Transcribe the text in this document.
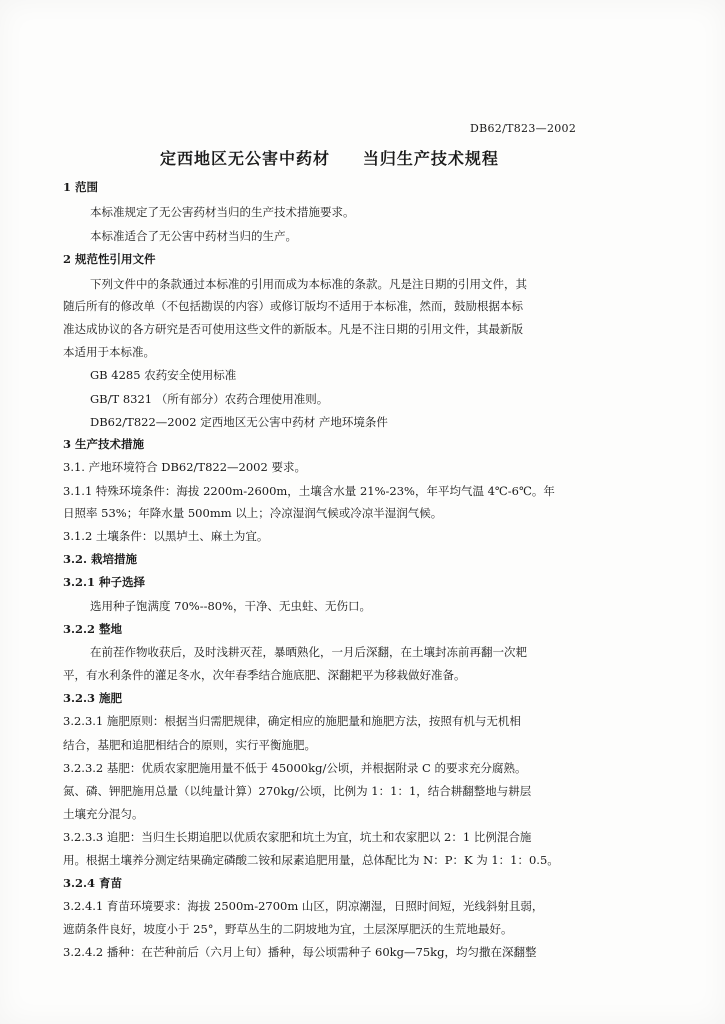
DB62/T823—2002
定西地区无公害中药材     当归生产技术规程
1 范围
本标准规定了无公害药材当归的生产技术措施要求。
本标准适合了无公害中药材当归的生产。
2 规范性引用文件
下列文件中的条款通过本标准的引用而成为本标准的条款。凡是注日期的引用文件，其
随后所有的修改单（不包括勘误的内容）或修订版均不适用于本标准，然而，鼓励根据本标
准达成协议的各方研究是否可使用这些文件的新版本。凡是不注日期的引用文件，其最新版
本适用于本标准。
GB 4285 农药安全使用标准
GB/T 8321 （所有部分）农药合理使用准则。
DB62/T822—2002 定西地区无公害中药材 产地环境条件
3 生产技术措施
3.1. 产地环境符合 DB62/T822—2002 要求。
3.1.1 特殊环境条件：海拔 2200m-2600m，土壤含水量 21%-23%，年平均气温 4℃-6℃。年
日照率 53%；年降水量 500mm 以上；冷凉湿润气候或冷凉半湿润气候。
3.1.2 土壤条件：以黑垆土、麻土为宜。
3.2. 栽培措施
3.2.1 种子选择
选用种子饱满度 70%--80%，干净、无虫蛀、无伤口。
3.2.2 整地
在前茬作物收获后，及时浅耕灭茬，暴晒熟化，一月后深翻，在土壤封冻前再翻一次耙
平，有水利条件的灌足冬水，次年春季结合施底肥、深翻耙平为移栽做好准备。
3.2.3 施肥
3.2.3.1 施肥原则：根据当归需肥规律，确定相应的施肥量和施肥方法，按照有机与无机相
结合，基肥和追肥相结合的原则，实行平衡施肥。
3.2.3.2 基肥：优质农家肥施用量不低于 45000kg/公顷，并根据附录 C 的要求充分腐熟。
氮、磷、钾肥施用总量（以纯量计算）270kg/公顷，比例为 1：1：1，结合耕翻整地与耕层
土壤充分混匀。
3.2.3.3 追肥：当归生长期追肥以优质农家肥和坑土为宜，坑土和农家肥以 2：1 比例混合施
用。根据土壤养分测定结果确定磷酸二铵和尿素追肥用量，总体配比为 N：P：K 为 1：1：0.5。
3.2.4 育苗
3.2.4.1 育苗环境要求：海拔 2500m-2700m 山区，阴凉潮湿，日照时间短，光线斜射且弱，
遮荫条件良好，坡度小于 25°，野草丛生的二阴坡地为宜，土层深厚肥沃的生荒地最好。
3.2.4.2 播种：在芒种前后（六月上旬）播种，每公顷需种子 60kg—75kg，均匀撒在深翻整
